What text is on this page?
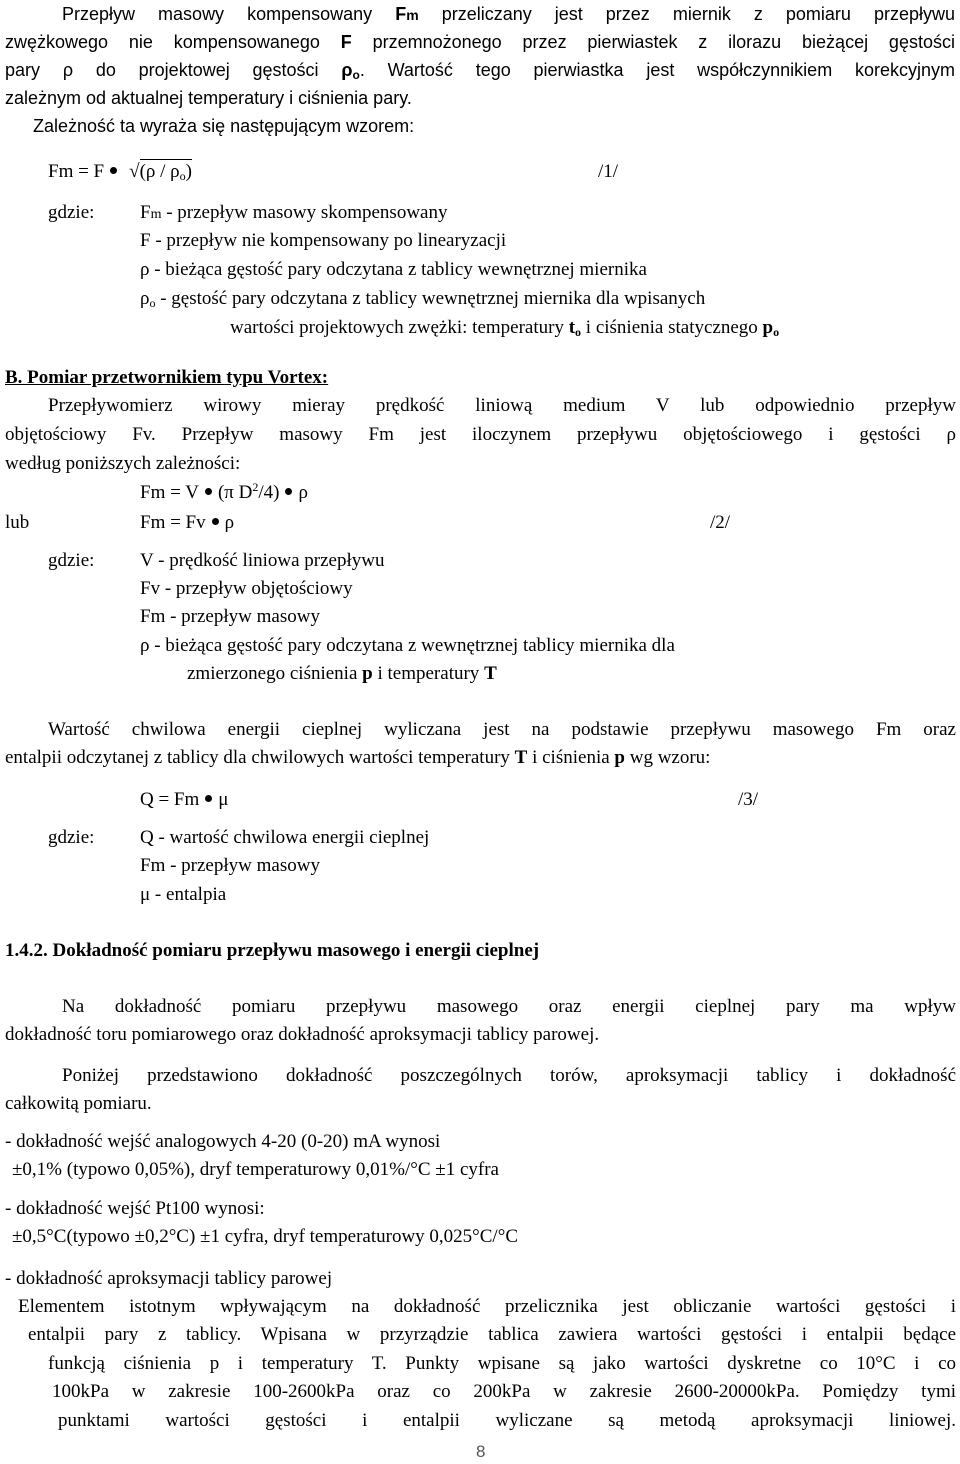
Przepływ masowy kompensowany Fm przeliczany jest przez miernik z pomiaru przepływu
zwężkowego nie kompensowanego F przemnożonego przez pierwiastek z ilorazu bieżącej gęstości
pary ρ do projektowej gęstości $\rho_o$. Wartość tego pierwiastka jest współczynnikiem korekcyjnym
zależnym od aktualnej temperatury i ciśnienia pary.
Zależność ta wyraża się następującym wzorem:
Fm = F $√(\rho / \rho_o)$	/1/
gdzie: Fm - przepływ masowy skompensowany
F - przepływ nie kompensowany po linearyzacji
ρ - bieżąca gęstość pary odczytana z tablicy wewnętrznej miernika
$\rho_o$ - gęstość pary odczytana z tablicy wewnętrznej miernika dla wpisanych
wartości projektowych zwężki: temperatury $t_o$ i ciśnienia statycznego $p_o$
B. Pomiar przetwornikiem typu Vortex:
Przepływomierz wirowy mieray prędkość liniową medium V lub odpowiednio przepływ
objętościowy Fv. Przepływ masowy Fm jest iloczynem przepływu objętościowego i gęstości ρ
według poniższych zależności:
Fm = V (π $D^2/4$) ρ
lub	Fm = Fv ρ	/2/
gdzie: V - prędkość liniowa przepływu
Fv - przepływ objętościowy
Fm - przepływ masowy
ρ - bieżąca gęstość pary odczytana z wewnętrznej tablicy miernika dla
zmierzonego ciśnienia p i temperatury T
Wartość chwilowa energii cieplnej wyliczana jest na podstawie przepływu masowego Fm oraz
entalpii odczytanej z tablicy dla chwilowych wartości temperatury T i ciśnienia p wg wzoru:
Q = Fm μ	/3/
gdzie: Q - wartość chwilowa energii cieplnej
Fm - przepływ masowy
μ - entalpia
1.4.2. Dokładność pomiaru przepływu masowego i energii cieplnej
Na dokładność pomiaru przepływu masowego oraz energii cieplnej pary ma wpływ
dokładność toru pomiarowego oraz dokładność aproksymacji tablicy parowej.
Poniżej przedstawiono dokładność poszczególnych torów, aproksymacji tablicy i dokładność
całkowitą pomiaru.
- dokładność wejść analogowych 4-20 (0-20) mA wynosi
±0,1% (typowo 0,05%), dryf temperaturowy 0,01%/°C ±1 cyfra
- dokładność wejść Pt100 wynosi:
±0,5°C(typowo ±0,2°C) ±1 cyfra, dryf temperaturowy 0,025°C/°C
- dokładność aproksymacji tablicy parowej
Elementem istotnym wpływającym na dokładność przelicznika jest obliczanie wartości gęstości i
entalpii pary z tablicy. Wpisana w przyrządzie tablica zawiera wartości gęstości i entalpii będące
funkcją ciśnienia p i temperatury T. Punkty wpisane są jako wartości dyskretne co 10°C i co
100kPa w zakresie 100-2600kPa oraz co 200kPa w zakresie 2600-20000kPa. Pomiędzy tymi
punktami wartości gęstości i entalpii wyliczane są metodą aproksymacji liniowej.
8
